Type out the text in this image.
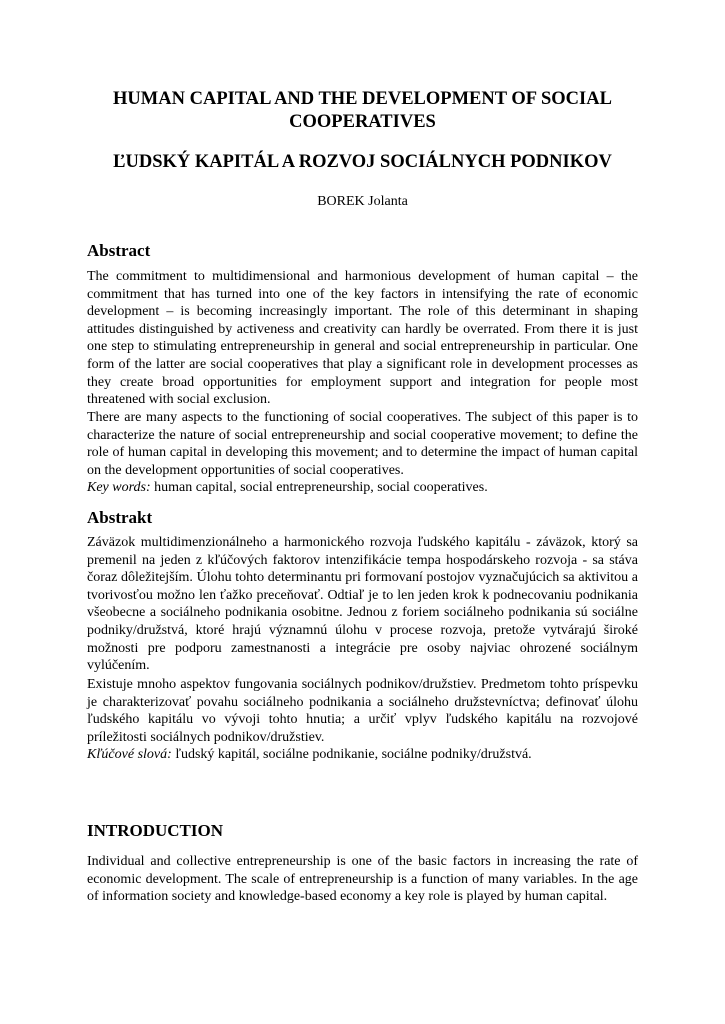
HUMAN CAPITAL AND THE DEVELOPMENT OF SOCIAL COOPERATIVES
ĽUDSKÝ KAPITÁL A ROZVOJ SOCIÁLNYCH PODNIKOV

BOREK Jolanta

Abstract

The commitment to multidimensional and harmonious development of human capital – the commitment that has turned into one of the key factors in intensifying the rate of economic development – is becoming increasingly important. The role of this determinant in shaping attitudes distinguished by activeness and creativity can hardly be overrated. From there it is just one step to stimulating entrepreneurship in general and social entrepreneurship in particular. One form of the latter are social cooperatives that play a significant role in development processes as they create broad opportunities for employment support and integration for people most threatened with social exclusion.

There are many aspects to the functioning of social cooperatives. The subject of this paper is to characterize the nature of social entrepreneurship and social cooperative movement; to define the role of human capital in developing this movement; and to determine the impact of human capital on the development opportunities of social cooperatives.
Key words: human capital, social entrepreneurship, social cooperatives.

Abstrakt

Záväzok multidimenzionálneho a harmonického rozvoja ľudského kapitálu - záväzok, ktorý sa premenil na jeden z kľúčových faktorov intenzifikácie tempa hospodárskeho rozvoja - sa stáva čoraz dôležitejším. Úlohu tohto determinantu pri formovaní postojov vyznačujúcich sa aktivitou a tvorivosťou možno len ťažko preceňovať. Odtiaľ je to len jeden krok k podnecovaniu podnikania všeobecne a sociálneho podnikania osobitne. Jednou z foriem sociálneho podnikania sú sociálne podniky/družstvá, ktoré hrajú významnú úlohu v procese rozvoja, pretože vytvárajú široké možnosti pre podporu zamestnanosti a integrácie pre osoby najviac ohrozené sociálnym vylúčením.

Existuje mnoho aspektov fungovania sociálnych podnikov/družstiev. Predmetom tohto príspevku je charakterizovať povahu sociálneho podnikania a sociálneho družstevníctva; definovať úlohu ľudského kapitálu vo vývoji tohto hnutia; a určiť vplyv ľudského kapitálu na rozvojové príležitosti sociálnych podnikov/družstiev.
Kľúčové slová: ľudský kapitál, sociálne podnikanie, sociálne podniky/družstvá.

INTRODUCTION

Individual and collective entrepreneurship is one of the basic factors in increasing the rate of economic development. The scale of entrepreneurship is a function of many variables. In the age of information society and knowledge-based economy a key role is played by human capital.
